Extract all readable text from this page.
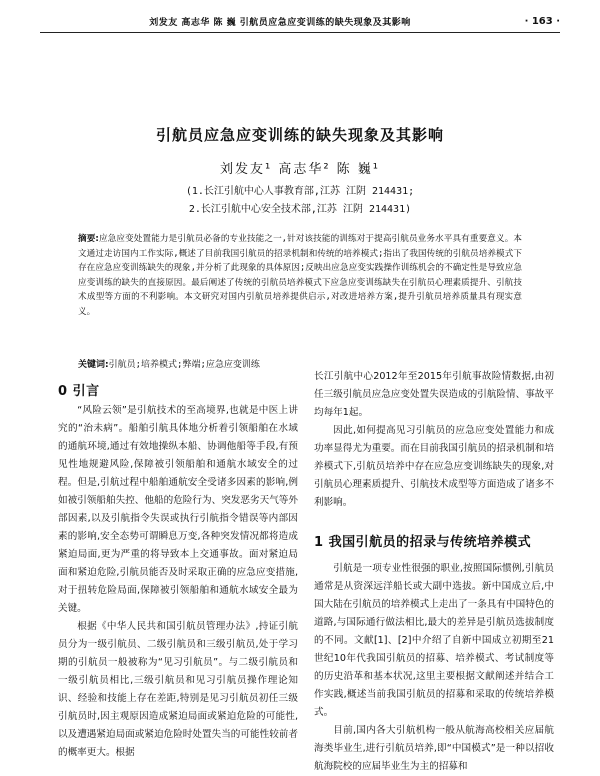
刘发友 高志华 陈 巍 引航员应急应变训练的缺失现象及其影响	· 163 ·
引航员应急应变训练的缺失现象及其影响
刘发友¹ 高志华² 陈 巍¹
(1.长江引航中心人事教育部,江苏 江阴 214431;
2.长江引航中心安全技术部,江苏 江阴 214431)
摘要:应急应变处置能力是引航员必备的专业技能之一,针对该技能的训练对于提高引航员业务水平具有重要意义。本文通过走访国内工作实际,概述了目前我国引航员的招录机制和传统的培养模式;指出了我国传统的引航员培养模式下存在应急应变训练缺失的现象,并分析了此现象的具体原因;反映出应急应变实践操作训练机会的不确定性是导致应急应变训练的缺失的直接原因。最后阐述了传统的引航员培养模式下应急应变训练缺失在引航员心理素质提升、引航技术成型等方面的不利影响。本文研究对国内引航员培养提供启示,对改进培养方案,提升引航员培养质量具有现实意义。
关键词:引航员;培养模式;弊端;应急应变训练
0 引言

“风险云领”是引航技术的至高境界,也就是中医上讲究的“治未病”。船舶引航具体地分析着引领船舶在水域的通航环境,通过有效地操纵本船、协调他船等手段,有预见性地规避风险,保障被引领船舶和通航水域安全的过程。但是,引航过程中船舶通航安全受诸多因素的影响,例如被引领船舶失控、他船的危险行为、突发恶劣天气等外部因素,以及引航指令失误或执行引航指令错误等内部因素的影响,安全态势可谓瞬息万变,各种突发情况都将造成紧迫局面,更为严重的将导致本上交通事故。面对紧迫局面和紧迫危险,引航员能否及时采取正确的应急应变措施,对于扭转危险局面,保障被引领船舶和通航水域安全最为关键。

根据《中华人民共和国引航员管理办法》,持证引航员分为一级引航员、二级引航员和三级引航员,处于学习期的引航员一般被称为“见习引航员”。与二级引航员和一级引航员相比,三级引航员和见习引航员操作理论知识、经验和技能上存在差距,特别是见习引航员初任三级引航员时,因主观原因造成紧迫局面或紧迫危险的可能性,以及遭遇紧迫局面或紧迫危险时处置失当的可能性较前者的概率更大。根据

长江引航中心2012年至2015年引航事故险情数据,由初任三级引航员应急应变处置失误造成的引航险情、事故平均每年1起。

因此,如何提高见习引航员的应急应变处置能力和成功率显得尤为重要。而在目前我国引航员的招录机制和培养模式下,引航员培养中存在应急应变训练缺失的现象,对引航员心理素质提升、引航技术成型等方面造成了诸多不利影响。

1 我国引航员的招录与传统培养模式

引航是一项专业性很强的职业,按照国际惯例,引航员通常是从资深远洋船长或大副中选拔。新中国成立后,中国大陆在引航员的培养模式上走出了一条具有中国特色的道路,与国际通行做法相比,最大的差异是引航员选拔制度的不同。文献[1]、[2]中介绍了自新中国成立初期至21世纪10年代我国引航员的招募、培养模式、考试制度等的历史沿革和基本状况,这里主要根据文献阐述并结合工作实践,概述当前我国引航员的招募和采取的传统培养模式。

目前,国内各大引航机构一般从航海高校相关应届航海类毕业生,进行引航员培养,即“中国模式”是一种以招收航海院校的应届毕业生为主的招募和
